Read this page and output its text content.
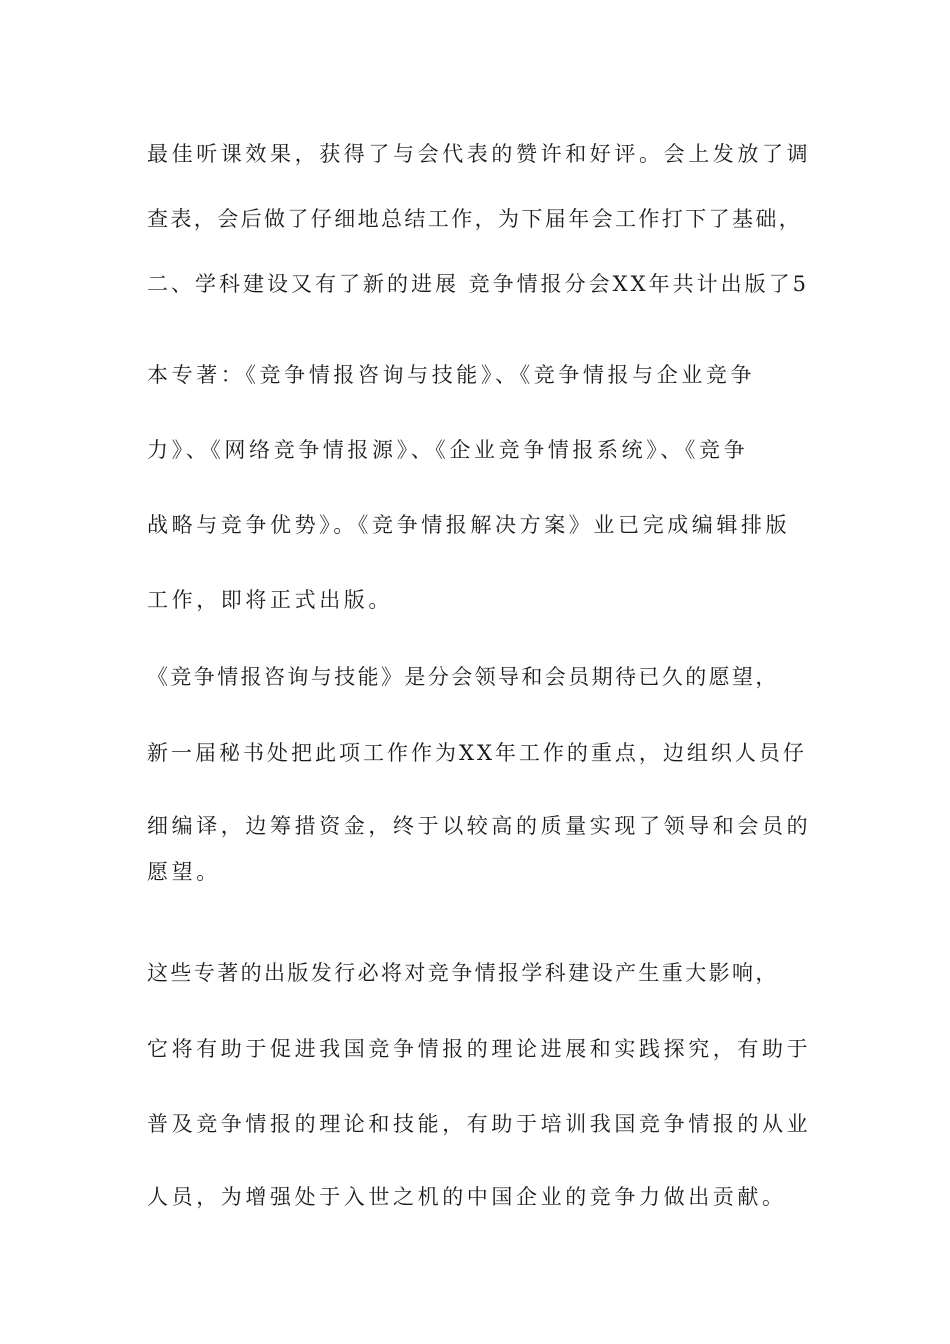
最佳听课效果，获得了与会代表的赞许和好评。会上发放了调
查表，会后做了仔细地总结工作，为下届年会工作打下了基础，
二、学科建设又有了新的进展 竞争情报分会XX年共计出版了5
本专著：《竞争情报咨询与技能》、《竞争情报与企业竞争
力》、《网络竞争情报源》、《企业竞争情报系统》、《竞争
战略与竞争优势》。《竞争情报解决方案》业已完成编辑排版
工作，即将正式出版。
《竞争情报咨询与技能》是分会领导和会员期待已久的愿望，
新一届秘书处把此项工作作为XX年工作的重点，边组织人员仔
细编译，边筹措资金，终于以较高的质量实现了领导和会员的
愿望。
这些专著的出版发行必将对竞争情报学科建设产生重大影响，
它将有助于促进我国竞争情报的理论进展和实践探究，有助于
普及竞争情报的理论和技能，有助于培训我国竞争情报的从业
人员，为增强处于入世之机的中国企业的竞争力做出贡献。
